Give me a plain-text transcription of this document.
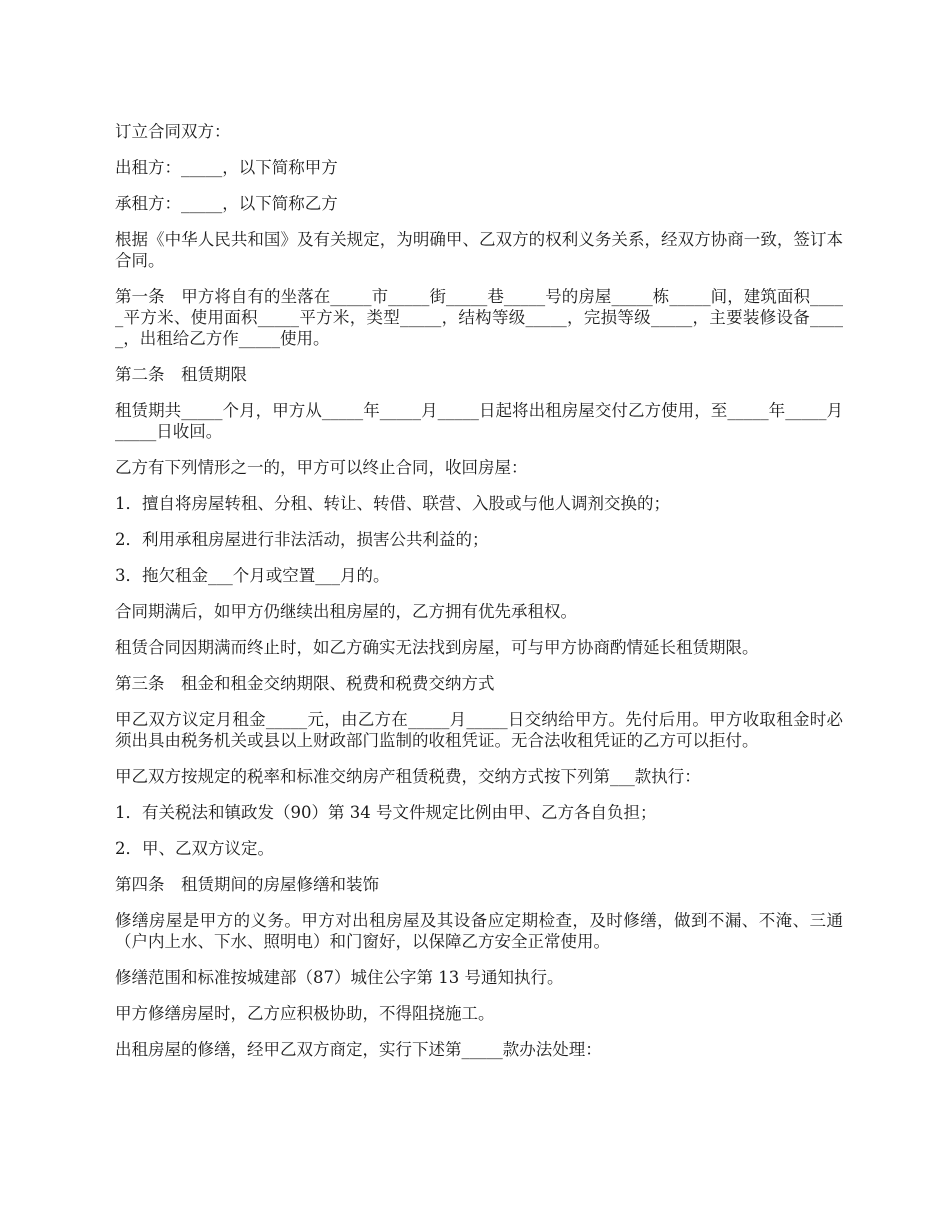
订立合同双方：

出租方：_____，以下简称甲方

承租方：_____，以下简称乙方

根据《中华人民共和国》及有关规定，为明确甲、乙双方的权利义务关系，经双方协商一致，签订本合同。

第一条　甲方将自有的坐落在_____市_____街_____巷_____号的房屋_____栋_____间，建筑面积_____平方米、使用面积_____平方米，类型_____，结构等级_____，完损等级_____，主要装修设备_____，出租给乙方作_____使用。

第二条　租赁期限

租赁期共_____个月，甲方从_____年_____月_____日起将出租房屋交付乙方使用，至_____年_____月_____日收回。

乙方有下列情形之一的，甲方可以终止合同，收回房屋：

1．擅自将房屋转租、分租、转让、转借、联营、入股或与他人调剂交换的；

2．利用承租房屋进行非法活动，损害公共利益的；

3．拖欠租金___个月或空置___月的。

合同期满后，如甲方仍继续出租房屋的，乙方拥有优先承租权。

租赁合同因期满而终止时，如乙方确实无法找到房屋，可与甲方协商酌情延长租赁期限。

第三条　租金和租金交纳期限、税费和税费交纳方式

甲乙双方议定月租金_____元，由乙方在_____月_____日交纳给甲方。先付后用。甲方收取租金时必须出具由税务机关或县以上财政部门监制的收租凭证。无合法收租凭证的乙方可以拒付。

甲乙双方按规定的税率和标准交纳房产租赁税费，交纳方式按下列第___款执行：

1．有关税法和镇政发（90）第 34 号文件规定比例由甲、乙方各自负担；

2．甲、乙双方议定。

第四条　租赁期间的房屋修缮和装饰

修缮房屋是甲方的义务。甲方对出租房屋及其设备应定期检查，及时修缮，做到不漏、不淹、三通（户内上水、下水、照明电）和门窗好，以保障乙方安全正常使用。

修缮范围和标准按城建部（87）城住公字第 13 号通知执行。

甲方修缮房屋时，乙方应积极协助，不得阻挠施工。

出租房屋的修缮，经甲乙双方商定，实行下述第_____款办法处理：
